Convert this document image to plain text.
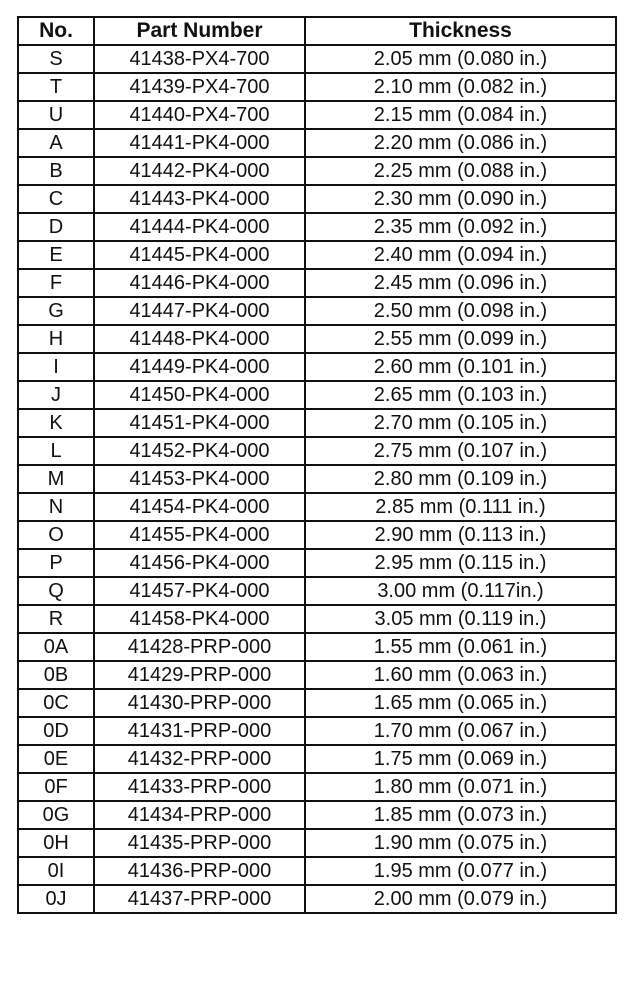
No.	Part Number	Thickness
S	41438-PX4-700	2.05 mm (0.080 in.)
T	41439-PX4-700	2.10 mm (0.082 in.)
U	41440-PX4-700	2.15 mm (0.084 in.)
A	41441-PK4-000	2.20 mm (0.086 in.)
B	41442-PK4-000	2.25 mm (0.088 in.)
C	41443-PK4-000	2.30 mm (0.090 in.)
D	41444-PK4-000	2.35 mm (0.092 in.)
E	41445-PK4-000	2.40 mm (0.094 in.)
F	41446-PK4-000	2.45 mm (0.096 in.)
G	41447-PK4-000	2.50 mm (0.098 in.)
H	41448-PK4-000	2.55 mm (0.099 in.)
I	41449-PK4-000	2.60 mm (0.101 in.)
J	41450-PK4-000	2.65 mm (0.103 in.)
K	41451-PK4-000	2.70 mm (0.105 in.)
L	41452-PK4-000	2.75 mm (0.107 in.)
M	41453-PK4-000	2.80 mm (0.109 in.)
N	41454-PK4-000	2.85 mm (0.111 in.)
O	41455-PK4-000	2.90 mm (0.113 in.)
P	41456-PK4-000	2.95 mm (0.115 in.)
Q	41457-PK4-000	3.00 mm (0.117in.)
R	41458-PK4-000	3.05 mm (0.119 in.)
0A	41428-PRP-000	1.55 mm (0.061 in.)
0B	41429-PRP-000	1.60 mm (0.063 in.)
0C	41430-PRP-000	1.65 mm (0.065 in.)
0D	41431-PRP-000	1.70 mm (0.067 in.)
0E	41432-PRP-000	1.75 mm (0.069 in.)
0F	41433-PRP-000	1.80 mm (0.071 in.)
0G	41434-PRP-000	1.85 mm (0.073 in.)
0H	41435-PRP-000	1.90 mm (0.075 in.)
0I	41436-PRP-000	1.95 mm (0.077 in.)
0J	41437-PRP-000	2.00 mm (0.079 in.)
